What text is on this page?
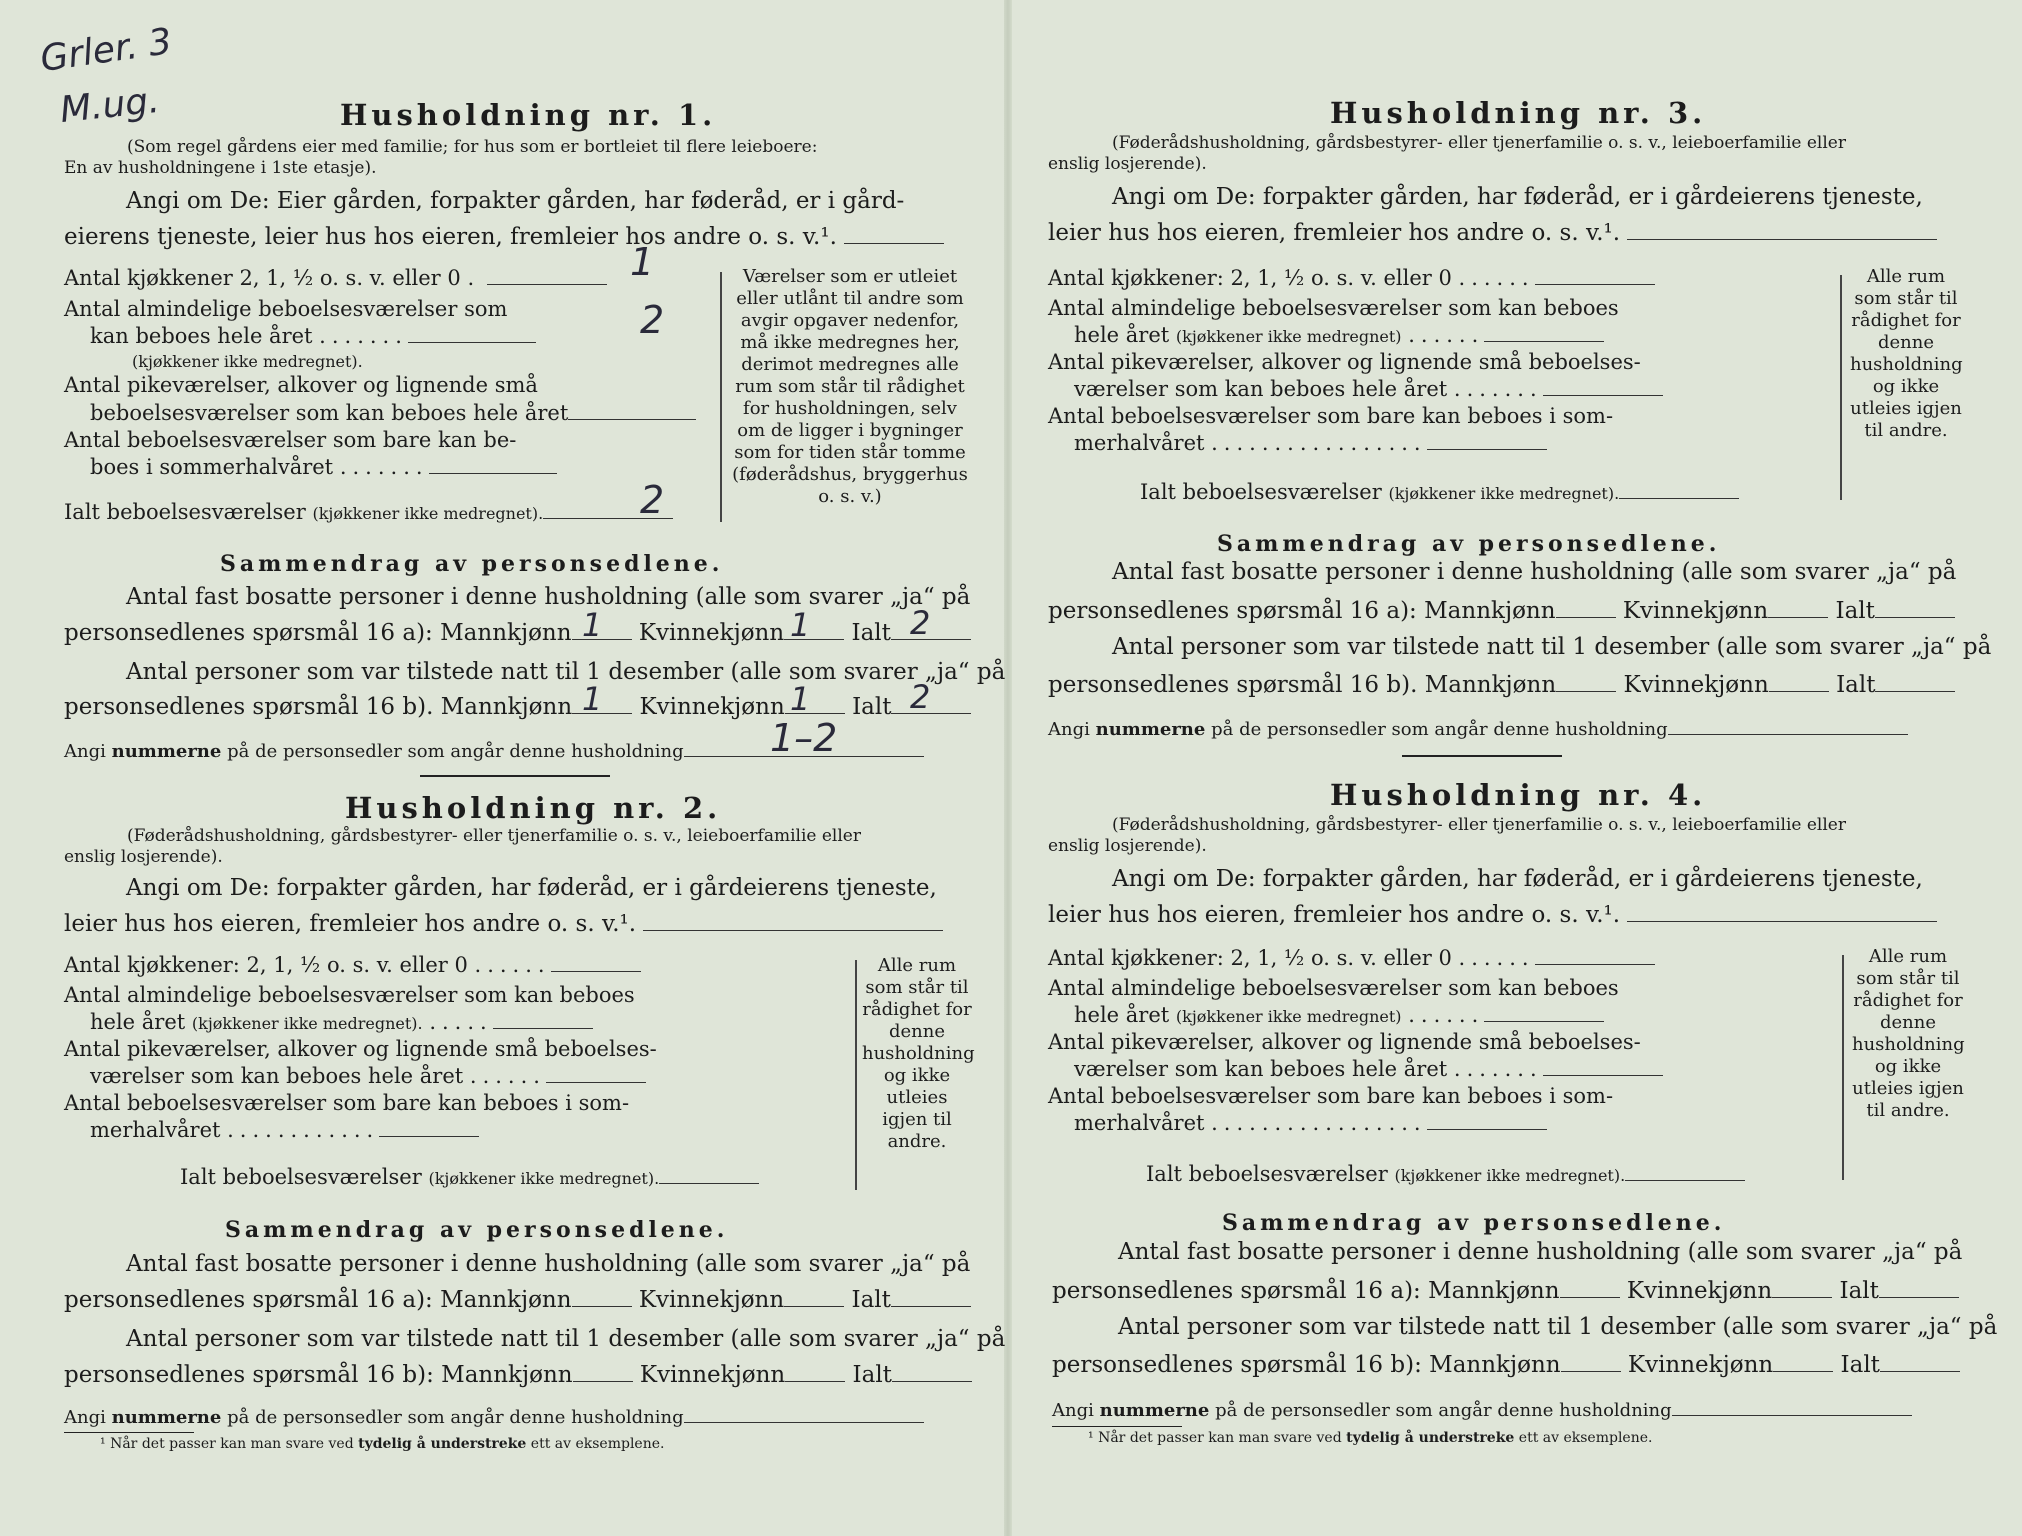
Grler. 3
M.ug.	Husholdning nr. 1.
(Som regel gårdens eier med familie; for hus som er bortleiet til flere leieboere:
En av husholdningene i 1ste etasje).
Angi om De: Eier gården, forpakter gården, har føderåd, er i gård-
eierens tjeneste, leier hus hos eieren, fremleier hos andre o. s. v.¹.
Antal kjøkkener 2, 1, ½ o. s. v. eller 0 .	1
Antal almindelige beboelsesværelser som
kan beboes hele året .......	2
(kjøkkener ikke medregnet).
Antal pikeværelser, alkover og lignende små
beboelsesværelser som kan beboes hele året
Antal beboelsesværelser som bare kan be-
boes i sommerhalvåret .......
Ialt beboelsesværelser (kjøkkener ikke medregnet).	2
Værelser som er utleiet eller utlånt til andre som avgir opgaver nedenfor, må ikke medregnes her, derimot medregnes alle rum som står til rådighet for husholdningen, selv om de ligger i bygninger som for tiden står tomme (føderådshus, bryggerhus o. s. v.)
Sammendrag av personsedlene.
Antal fast bosatte personer i denne husholdning (alle som svarer „ja“ på
personsedlenes spørsmål 16 a): Mannkjønn	Kvinnekjønn	Ialt
1	1	2
Antal personer som var tilstede natt til 1 desember (alle som svarer „ja“ på
personsedlenes spørsmål 16 b). Mannkjønn	Kvinnekjønn	Ialt
1	1	2
Angi nummerne på de personsedler som angår denne husholdning	1–2
Husholdning nr. 2.
(Føderådshusholdning, gårdsbestyrer- eller tjenerfamilie o. s. v., leieboerfamilie eller
enslig losjerende).
Angi om De: forpakter gården, har føderåd, er i gårdeierens tjeneste,
leier hus hos eieren, fremleier hos andre o. s. v.¹.
Antal kjøkkener: 2, 1, ½ o. s. v. eller 0 ......
Antal almindelige beboelsesværelser som kan beboes
hele året (kjøkkener ikke medregnet). .....
Antal pikeværelser, alkover og lignende små beboelses-
værelser som kan beboes hele året ......
Antal beboelsesværelser som bare kan beboes i som-
merhalvåret ............
Ialt beboelsesværelser (kjøkkener ikke medregnet).
Alle rum som står til rådighet for denne husholdning og ikke utleies igjen til andre.
Sammendrag av personsedlene.
Antal fast bosatte personer i denne husholdning (alle som svarer „ja“ på
personsedlenes spørsmål 16 a): Mannkjønn	Kvinnekjønn	Ialt
Antal personer som var tilstede natt til 1 desember (alle som svarer „ja“ på
personsedlenes spørsmål 16 b): Mannkjønn	Kvinnekjønn	Ialt
Angi nummerne på de personsedler som angår denne husholdning
¹ Når det passer kan man svare ved tydelig å understreke ett av eksemplene.
Husholdning nr. 3.
(Føderådshusholdning, gårdsbestyrer- eller tjenerfamilie o. s. v., leieboerfamilie eller
enslig losjerende).
Angi om De: forpakter gården, har føderåd, er i gårdeierens tjeneste,
leier hus hos eieren, fremleier hos andre o. s. v.¹.
Antal kjøkkener: 2, 1, ½ o. s. v. eller 0 ......
Antal almindelige beboelsesværelser som kan beboes
hele året (kjøkkener ikke medregnet) ......
Antal pikeværelser, alkover og lignende små beboelses-
værelser som kan beboes hele året .......
Antal beboelsesværelser som bare kan beboes i som-
merhalvåret .................
Ialt beboelsesværelser (kjøkkener ikke medregnet).
Alle rum som står til rådighet for denne husholdning og ikke utleies igjen til andre.
Sammendrag av personsedlene.
Antal fast bosatte personer i denne husholdning (alle som svarer „ja“ på
personsedlenes spørsmål 16 a): Mannkjønn	Kvinnekjønn	Ialt
Antal personer som var tilstede natt til 1 desember (alle som svarer „ja“ på
personsedlenes spørsmål 16 b). Mannkjønn	Kvinnekjønn	Ialt
Angi nummerne på de personsedler som angår denne husholdning
Husholdning nr. 4.
(Føderådshusholdning, gårdsbestyrer- eller tjenerfamilie o. s. v., leieboerfamilie eller
enslig losjerende).
Angi om De: forpakter gården, har føderåd, er i gårdeierens tjeneste,
leier hus hos eieren, fremleier hos andre o. s. v.¹.
Antal kjøkkener: 2, 1, ½ o. s. v. eller 0 ......
Antal almindelige beboelsesværelser som kan beboes
hele året (kjøkkener ikke medregnet) ......
Antal pikeværelser, alkover og lignende små beboelses-
værelser som kan beboes hele året .......
Antal beboelsesværelser som bare kan beboes i som-
merhalvåret .................
Ialt beboelsesværelser (kjøkkener ikke medregnet).
Alle rum som står til rådighet for denne husholdning og ikke utleies igjen til andre.
Sammendrag av personsedlene.
Antal fast bosatte personer i denne husholdning (alle som svarer „ja“ på
personsedlenes spørsmål 16 a): Mannkjønn	Kvinnekjønn	Ialt
Antal personer som var tilstede natt til 1 desember (alle som svarer „ja“ på
personsedlenes spørsmål 16 b): Mannkjønn	Kvinnekjønn	Ialt
Angi nummerne på de personsedler som angår denne husholdning
¹ Når det passer kan man svare ved tydelig å understreke ett av eksemplene.
